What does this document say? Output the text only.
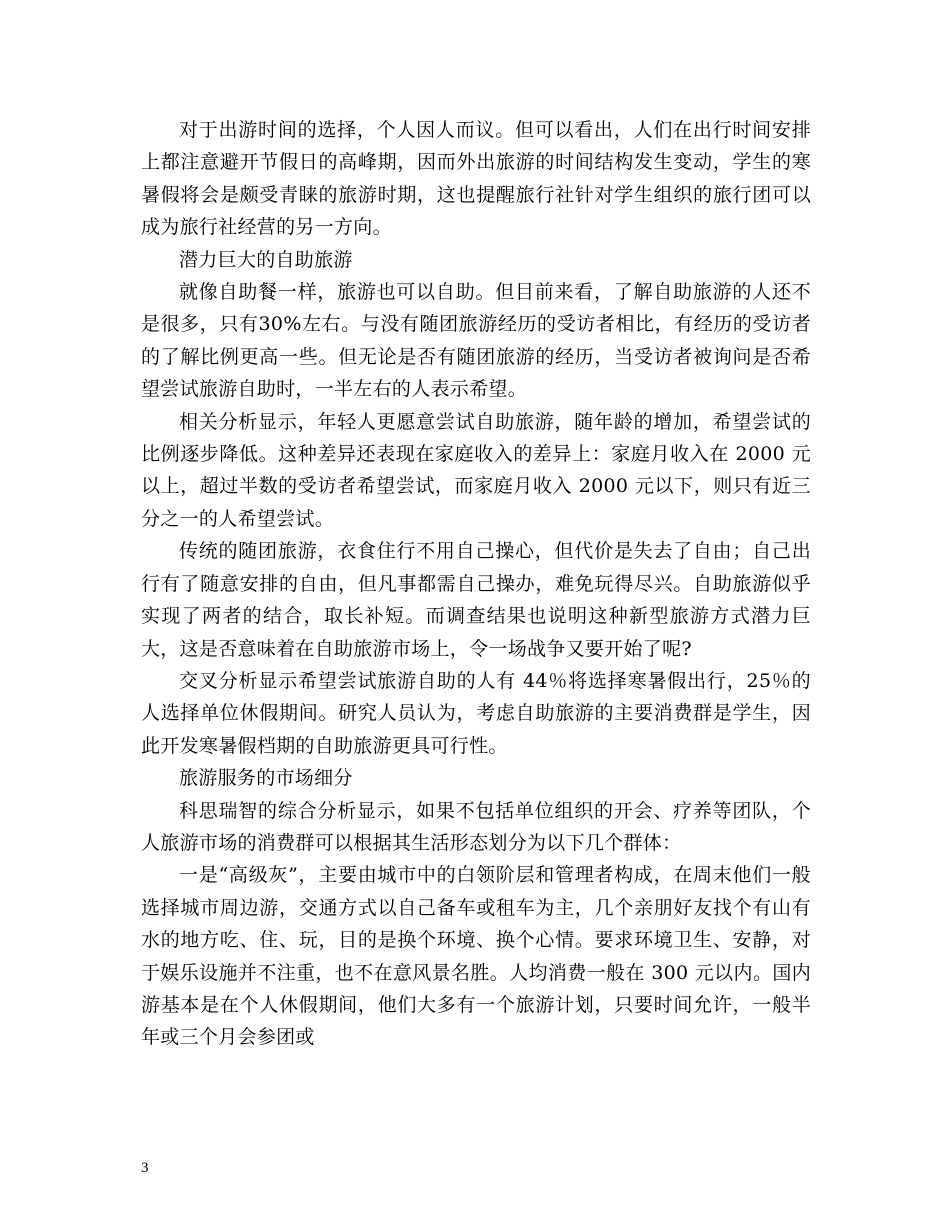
对于出游时间的选择，个人因人而议。但可以看出，人们在出行时间安排上都注意避开节假日的高峰期，因而外出旅游的时间结构发生变动，学生的寒暑假将会是颇受青睐的旅游时期，这也提醒旅行社针对学生组织的旅行团可以成为旅行社经营的另一方向。

潜力巨大的自助旅游

就像自助餐一样，旅游也可以自助。但目前来看，了解自助旅游的人还不是很多，只有30%左右。与没有随团旅游经历的受访者相比，有经历的受访者的了解比例更高一些。但无论是否有随团旅游的经历，当受访者被询问是否希望尝试旅游自助时，一半左右的人表示希望。

相关分析显示，年轻人更愿意尝试自助旅游，随年龄的增加，希望尝试的比例逐步降低。这种差异还表现在家庭收入的差异上：家庭月收入在 2000 元以上，超过半数的受访者希望尝试，而家庭月收入 2000 元以下，则只有近三分之一的人希望尝试。

传统的随团旅游，衣食住行不用自己操心，但代价是失去了自由；自己出行有了随意安排的自由，但凡事都需自己操办，难免玩得尽兴。自助旅游似乎实现了两者的结合，取长补短。而调查结果也说明这种新型旅游方式潜力巨大，这是否意味着在自助旅游市场上，令一场战争又要开始了呢?

交叉分析显示希望尝试旅游自助的人有 44％将选择寒暑假出行，25％的人选择单位休假期间。研究人员认为，考虑自助旅游的主要消费群是学生，因此开发寒暑假档期的自助旅游更具可行性。

旅游服务的市场细分

科思瑞智的综合分析显示，如果不包括单位组织的开会、疗养等团队，个人旅游市场的消费群可以根据其生活形态划分为以下几个群体：

一是“高级灰”，主要由城市中的白领阶层和管理者构成，在周末他们一般选择城市周边游，交通方式以自己备车或租车为主，几个亲朋好友找个有山有水的地方吃、住、玩，目的是换个环境、换个心情。要求环境卫生、安静，对于娱乐设施并不注重，也不在意风景名胜。人均消费一般在 300 元以内。国内游基本是在个人休假期间，他们大多有一个旅游计划，只要时间允许，一般半年或三个月会参团或

3
